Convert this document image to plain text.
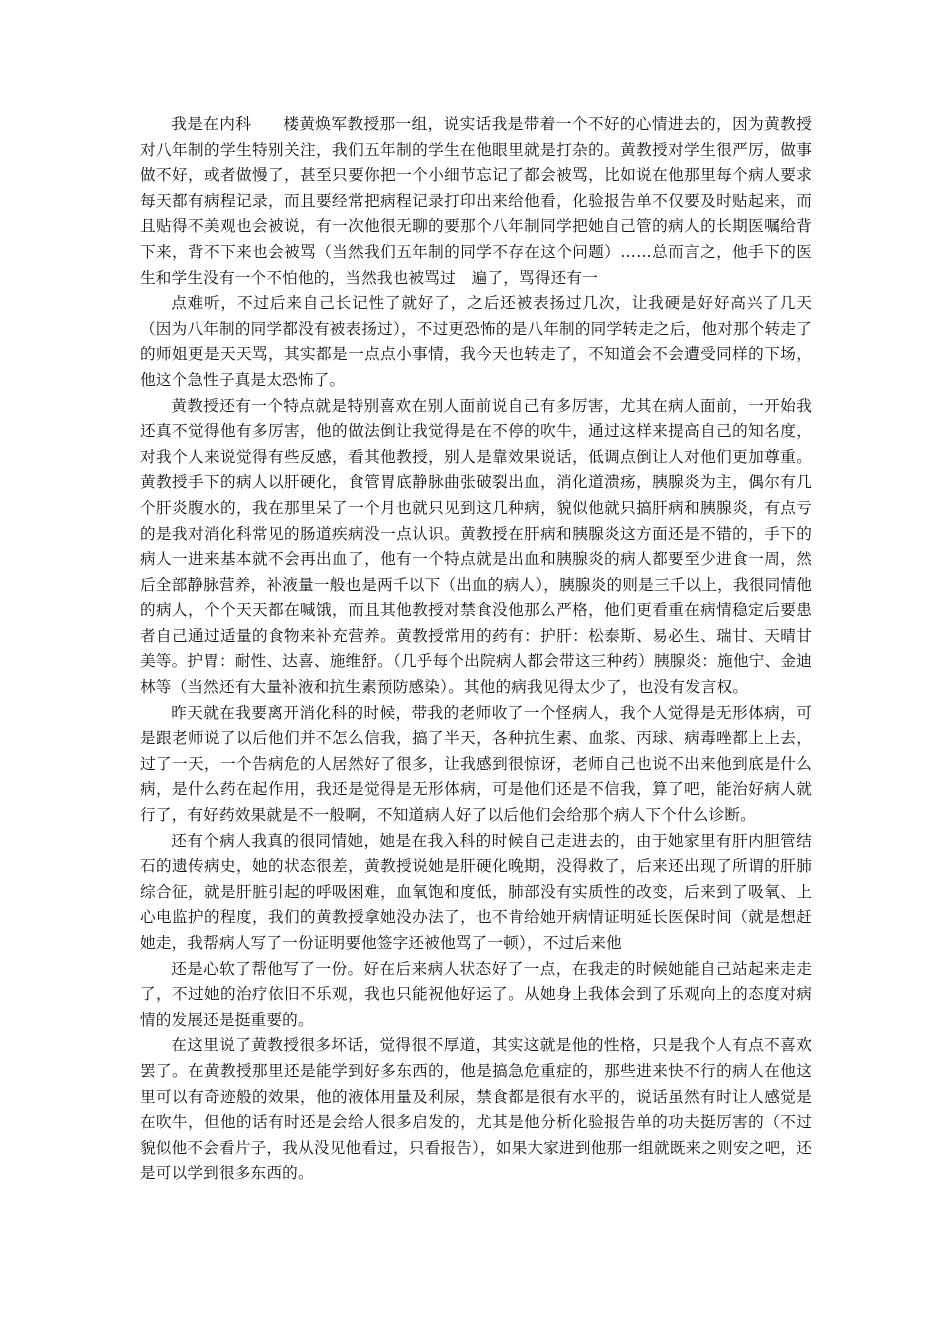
我是在内科　　楼黄焕军教授那一组，说实话我是带着一个不好的心情进去的，因为黄教授对八年制的学生特别关注，我们五年制的学生在他眼里就是打杂的。黄教授对学生很严厉，做事做不好，或者做慢了，甚至只要你把一个小细节忘记了都会被骂，比如说在他那里每个病人要求每天都有病程记录，而且要经常把病程记录打印出来给他看，化验报告单不仅要及时贴起来，而且贴得不美观也会被说，有一次他很无聊的要那个八年制同学把她自己管的病人的长期医嘱给背下来，背不下来也会被骂（当然我们五年制的同学不存在这个问题）……总而言之，他手下的医生和学生没有一个不怕他的，当然我也被骂过　遍了，骂得还有一

点难听，不过后来自己长记性了就好了，之后还被表扬过几次，让我硬是好好高兴了几天（因为八年制的同学都没有被表扬过），不过更恐怖的是八年制的同学转走之后，他对那个转走了的师姐更是天天骂，其实都是一点点小事情，我今天也转走了，不知道会不会遭受同样的下场，他这个急性子真是太恐怖了。

黄教授还有一个特点就是特别喜欢在别人面前说自己有多厉害，尤其在病人面前，一开始我还真不觉得他有多厉害，他的做法倒让我觉得是在不停的吹牛，通过这样来提高自己的知名度，对我个人来说觉得有些反感，看其他教授，别人是靠效果说话，低调点倒让人对他们更加尊重。黄教授手下的病人以肝硬化，食管胃底静脉曲张破裂出血，消化道溃疡，胰腺炎为主，偶尔有几个肝炎腹水的，我在那里呆了一个月也就只见到这几种病，貌似他就只搞肝病和胰腺炎，有点亏的是我对消化科常见的肠道疾病没一点认识。黄教授在肝病和胰腺炎这方面还是不错的，手下的病人一进来基本就不会再出血了，他有一个特点就是出血和胰腺炎的病人都要至少进食一周，然后全部静脉营养，补液量一般也是两千以下（出血的病人），胰腺炎的则是三千以上，我很同情他的病人，个个天天都在喊饿，而且其他教授对禁食没他那么严格，他们更看重在病情稳定后要患者自己通过适量的食物来补充营养。黄教授常用的药有：护肝：松泰斯、易必生、瑞甘、天晴甘美等。护胃：耐性、达喜、施维舒。（几乎每个出院病人都会带这三种药）胰腺炎：施他宁、金迪林等（当然还有大量补液和抗生素预防感染）。其他的病我见得太少了，也没有发言权。

昨天就在我要离开消化科的时候，带我的老师收了一个怪病人，我个人觉得是无形体病，可是跟老师说了以后他们并不怎么信我，搞了半天，各种抗生素、血浆、丙球、病毒唑都上上去，过了一天，一个告病危的人居然好了很多，让我感到很惊讶，老师自己也说不出来他到底是什么病，是什么药在起作用，我还是觉得是无形体病，可是他们还是不信我，算了吧，能治好病人就行了，有好药效果就是不一般啊，不知道病人好了以后他们会给那个病人下个什么诊断。

还有个病人我真的很同情她，她是在我入科的时候自己走进去的，由于她家里有肝内胆管结石的遗传病史，她的状态很差，黄教授说她是肝硬化晚期，没得救了，后来还出现了所谓的肝肺综合征，就是肝脏引起的呼吸困难，血氧饱和度低，肺部没有实质性的改变，后来到了吸氧、上心电监护的程度，我们的黄教授拿她没办法了，也不肯给她开病情证明延长医保时间（就是想赶她走，我帮病人写了一份证明要他签字还被他骂了一顿），不过后来他

还是心软了帮他写了一份。好在后来病人状态好了一点，在我走的时候她能自己站起来走走了，不过她的治疗依旧不乐观，我也只能祝他好运了。从她身上我体会到了乐观向上的态度对病情的发展还是挺重要的。

在这里说了黄教授很多坏话，觉得很不厚道，其实这就是他的性格，只是我个人有点不喜欢罢了。在黄教授那里还是能学到好多东西的，他是搞急危重症的，那些进来快不行的病人在他这里可以有奇迹般的效果，他的液体用量及利尿，禁食都是很有水平的，说话虽然有时让人感觉是在吹牛，但他的话有时还是会给人很多启发的，尤其是他分析化验报告单的功夫挺厉害的（不过貌似他不会看片子，我从没见他看过，只看报告），如果大家进到他那一组就既来之则安之吧，还是可以学到很多东西的。
